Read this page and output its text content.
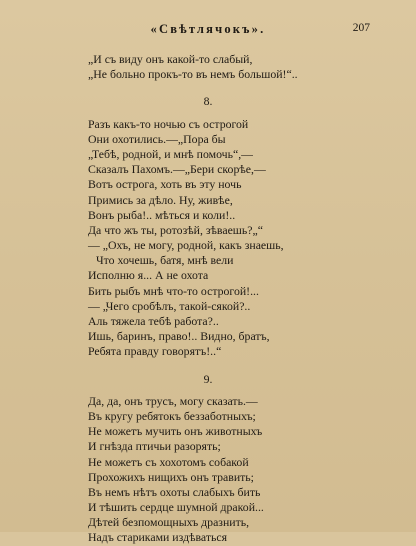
«Свѣтлячокъ».	207
„И съ виду онъ какой-то слабый,
„Не больно прокъ-то въ немъ большой!“..
8.
Разъ какъ-то ночью съ острогой
Они охотились.—„Пора бы
„Тебѣ, родной, и мнѣ помочь“,—
Сказалъ Пахомъ.—„Бери скорѣе,—
Вотъ острога, хоть въ эту ночь
Примись за дѣло. Ну, живѣе,
Вонъ рыба!.. мѣться и коли!..
Да что жъ ты, ротозѣй, зѣваешь?„“
— „Охъ, не могу, родной, какъ знаешь,
Что хочешь, батя, мнѣ вели
Исполню я... А не охота
Бить рыбъ мнѣ что-то острогой!...
— „Чего сробѣлъ, такой-сякой?..
Аль тяжела тебѣ работа?..
Ишь, баринъ, право!.. Видно, братъ,
Ребята правду говорятъ!..“
9.
Да, да, онъ трусъ, могу сказать.—
Въ кругу ребятокъ беззаботныхъ;
Не можетъ мучить онъ животныхъ
И гнѣзда птичьи разорять;
Не можетъ съ хохотомъ собакой
Прохожихъ нищихъ онъ травить;
Въ немъ нѣтъ охоты слабыхъ бить
И тѣшить сердце шумной дракой...
Дѣтей безпомощныхъ дразнить,
Надъ стариками издѣваться
